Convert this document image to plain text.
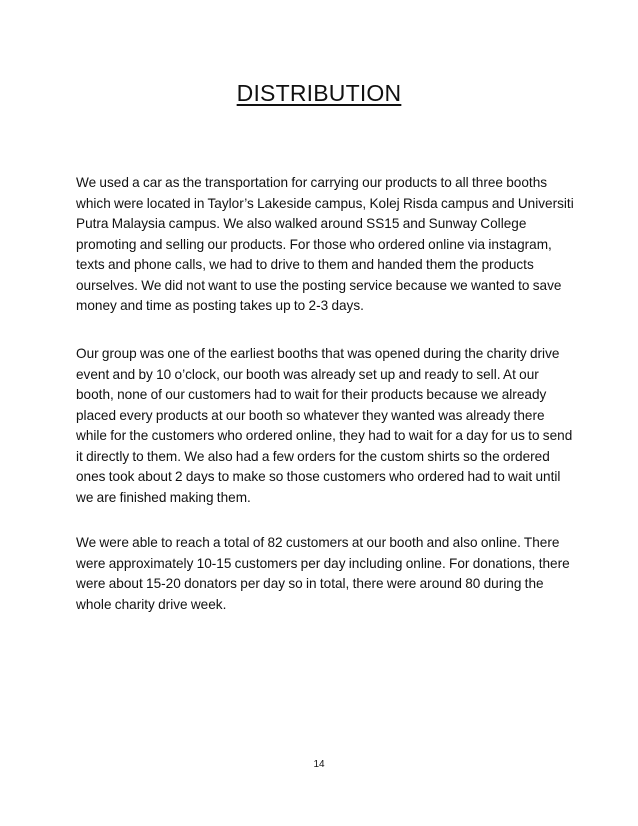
DISTRIBUTION

We used a car as the transportation for carrying our products to all three booths which were located in Taylor’s Lakeside campus, Kolej Risda campus and Universiti Putra Malaysia campus. We also walked around SS15 and Sunway College promoting and selling our products. For those who ordered online via instagram, texts and phone calls, we had to drive to them and handed them the products ourselves. We did not want to use the posting service because we wanted to save money and time as posting takes up to 2-3 days.

Our group was one of the earliest booths that was opened during the charity drive event and by 10 o’clock, our booth was already set up and ready to sell. At our booth, none of our customers had to wait for their products because we already placed every products at our booth so whatever they wanted was already there while for the customers who ordered online, they had to wait for a day for us to send it directly to them. We also had a few orders for the custom shirts so the ordered ones took about 2 days to make so those customers who ordered had to wait until we are finished making them.

We were able to reach a total of 82 customers at our booth and also online. There were approximately 10-15 customers per day including online. For donations, there were about 15-20 donators per day so in total, there were around 80 during the whole charity drive week.

14
